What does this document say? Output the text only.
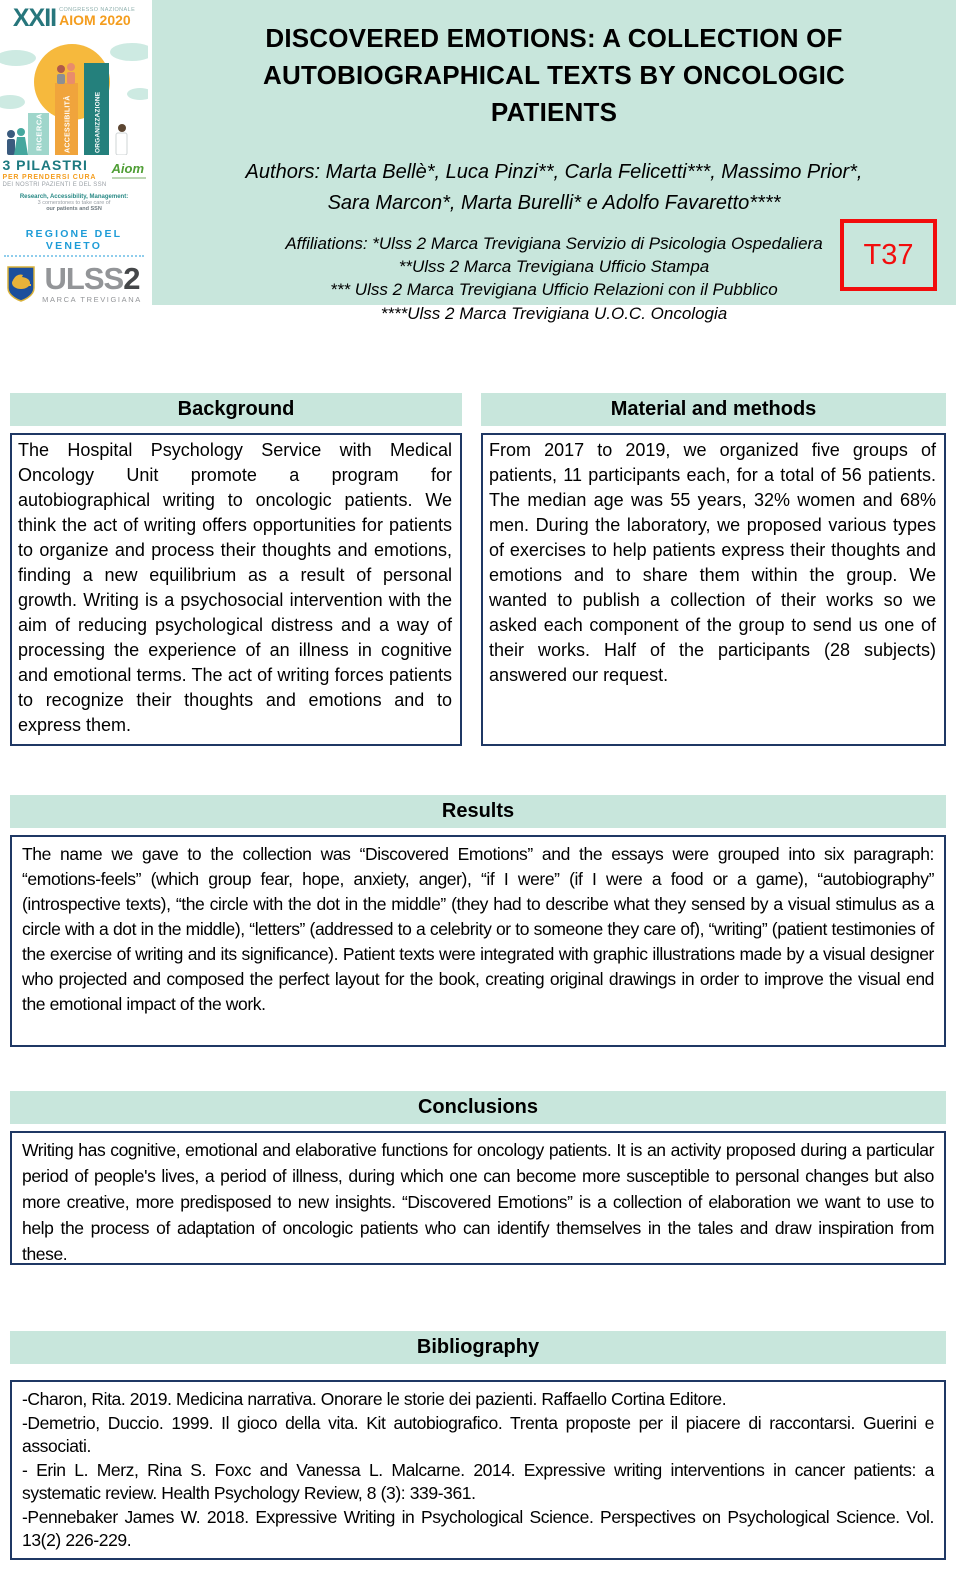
XXII CONGRESSO NAZIONALE
AIOM 2020
RICERCA	ACCESSIBILITÀ	ORGANIZZAZIONE
3 PILASTRI
PER PRENDERSI CURA
DEI NOSTRI PAZIENTI E DEL SSN
Aiom
Research, Accessibility, Management:
3 cornerstones to take care of
our patients and SSN
REGIONE DEL VENETO
ULSS2
MARCA TREVIGIANA
DISCOVERED EMOTIONS: A COLLECTION OF AUTOBIOGRAPHICAL TEXTS BY ONCOLOGIC PATIENTS

Authors: Marta Bellè*, Luca Pinzi**, Carla Felicetti***, Massimo Prior*, Sara Marcon*, Marta Burelli* e Adolfo Favaretto****

Affiliations: *Ulss 2 Marca Trevigiana Servizio di Psicologia Ospedaliera
**Ulss 2 Marca Trevigiana Ufficio Stampa
*** Ulss 2 Marca Trevigiana Ufficio Relazioni con il Pubblico
****Ulss 2 Marca Trevigiana U.O.C. Oncologia
T37
Background
The Hospital Psychology Service with Medical Oncology Unit promote a program for autobiographical writing to oncologic patients. We think the act of writing offers opportunities for patients to organize and process their thoughts and emotions, finding a new equilibrium as a result of personal growth. Writing is a psychosocial intervention with the aim of reducing psychological distress and a way of processing the experience of an illness in cognitive and emotional terms. The act of writing forces patients to recognize their thoughts and emotions and to express them.
Material and methods
From 2017 to 2019, we organized five groups of patients, 11 participants each, for a total of 56 patients. The median age was 55 years, 32% women and 68% men. During the laboratory, we proposed various types of exercises to help patients express their thoughts and emotions and to share them within the group. We wanted to publish a collection of their works so we asked each component of the group to send us one of their works. Half of the participants (28 subjects) answered our request.
Results
The name we gave to the collection was “Discovered Emotions” and the essays were grouped into six paragraph: “emotions-feels” (which group fear, hope, anxiety, anger), “if I were” (if I were a food or a game), “autobiography” (introspective texts), “the circle with the dot in the middle” (they had to describe what they sensed by a visual stimulus as a circle with a dot in the middle), “letters” (addressed to a celebrity or to someone they care of), “writing” (patient testimonies of the exercise of writing and its significance). Patient texts were integrated with graphic illustrations made by a visual designer who projected and composed the perfect layout for the book, creating original drawings in order to improve the visual end the emotional impact of the work.
Conclusions
Writing has cognitive, emotional and elaborative functions for oncology patients. It is an activity proposed during a particular period of people's lives, a period of illness, during which one can become more susceptible to personal changes but also more creative, more predisposed to new insights. “Discovered Emotions” is a collection of elaboration we want to use to help the process of adaptation of oncologic patients who can identify themselves in the tales and draw inspiration from these.
Bibliography
-Charon, Rita. 2019. Medicina narrativa. Onorare le storie dei pazienti. Raffaello Cortina Editore.
-Demetrio, Duccio. 1999. Il gioco della vita. Kit autobiografico. Trenta proposte per il piacere di raccontarsi. Guerini e associati.
- Erin L. Merz, Rina S. Foxc and Vanessa L. Malcarne. 2014. Expressive writing interventions in cancer patients: a systematic review. Health Psychology Review, 8 (3): 339-361.
-Pennebaker James W. 2018. Expressive Writing in Psychological Science. Perspectives on Psychological Science. Vol. 13(2) 226-229.
